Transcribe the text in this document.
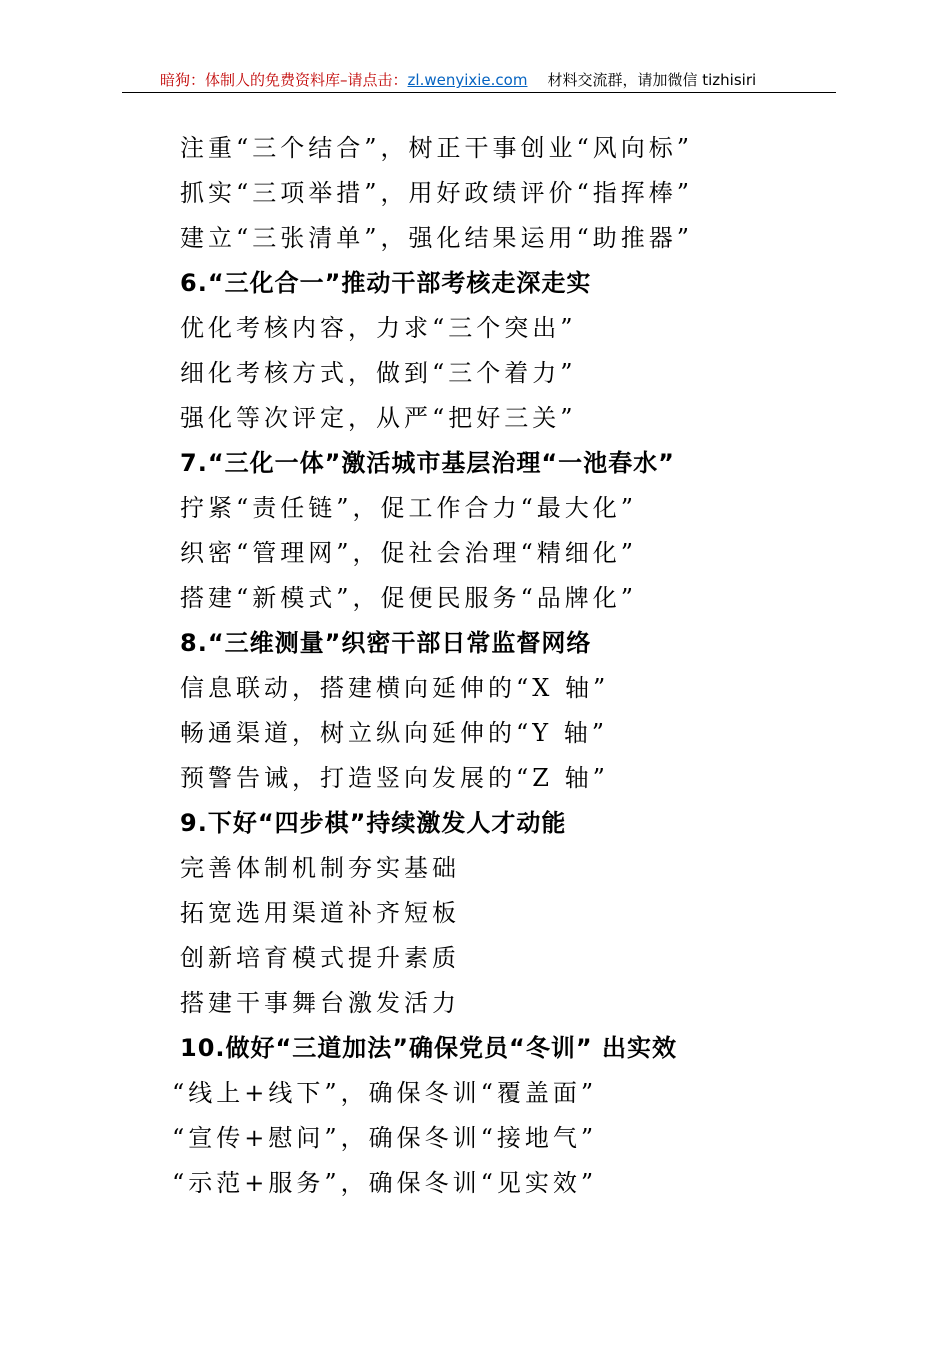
暗狗：体制人的免费资料库–请点击：zl.wenyixie.com 材料交流群，请加微信 tizhisiri
注重“三个结合”，树正干事创业“风向标”
抓实“三项举措”，用好政绩评价“指挥棒”
建立“三张清单”，强化结果运用“助推器”
6.“三化合一”推动干部考核走深走实
优化考核内容，力求“三个突出”
细化考核方式，做到“三个着力”
强化等次评定，从严“把好三关”
7.“三化一体”激活城市基层治理“一池春水”
拧紧“责任链”，促工作合力“最大化”
织密“管理网”，促社会治理“精细化”
搭建“新模式”，促便民服务“品牌化”
8.“三维测量”织密干部日常监督网络
信息联动，搭建横向延伸的“X 轴”
畅通渠道，树立纵向延伸的“Y 轴”
预警告诫，打造竖向发展的“Z 轴”
9.下好“四步棋”持续激发人才动能
完善体制机制夯实基础
拓宽选用渠道补齐短板
创新培育模式提升素质
搭建干事舞台激发活力
10.做好“三道加法”确保党员“冬训” 出实效
“线上+线下”，确保冬训“覆盖面”
“宣传+慰问”，确保冬训“接地气”
“示范+服务”，确保冬训“见实效”
